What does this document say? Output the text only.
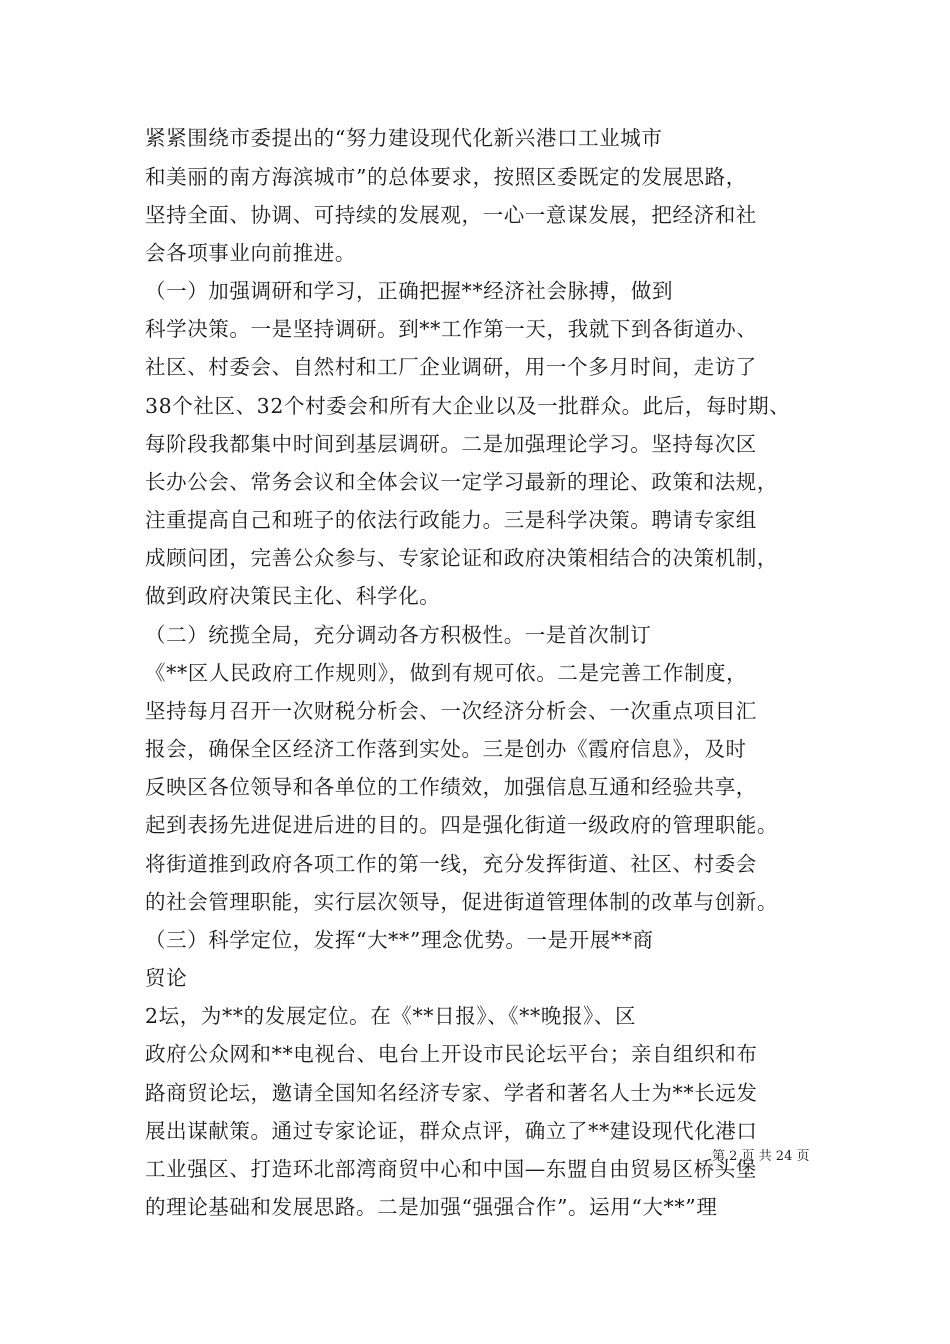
紧紧围绕市委提出的“努力建设现代化新兴港口工业城市
和美丽的南方海滨城市”的总体要求，按照区委既定的发展思路，
坚持全面、协调、可持续的发展观，一心一意谋发展，把经济和社
会各项事业向前推进。
（一）加强调研和学习，正确把握**经济社会脉搏，做到
科学决策。一是坚持调研。到**工作第一天，我就下到各街道办、
社区、村委会、自然村和工厂企业调研，用一个多月时间，走访了
38个社区、32个村委会和所有大企业以及一批群众。此后，每时期、
每阶段我都集中时间到基层调研。二是加强理论学习。坚持每次区
长办公会、常务会议和全体会议一定学习最新的理论、政策和法规，
注重提高自己和班子的依法行政能力。三是科学决策。聘请专家组
成顾问团，完善公众参与、专家论证和政府决策相结合的决策机制，
做到政府决策民主化、科学化。
（二）统揽全局，充分调动各方积极性。一是首次制订
《**区人民政府工作规则》，做到有规可依。二是完善工作制度，
坚持每月召开一次财税分析会、一次经济分析会、一次重点项目汇
报会，确保全区经济工作落到实处。三是创办《霞府信息》，及时
反映区各位领导和各单位的工作绩效，加强信息互通和经验共享，
起到表扬先进促进后进的目的。四是强化街道一级政府的管理职能。
将街道推到政府各项工作的第一线，充分发挥街道、社区、村委会
的社会管理职能，实行层次领导，促进街道管理体制的改革与创新。
（三）科学定位，发挥“大**”理念优势。一是开展**商
贸论
2坛，为**的发展定位。在《**日报》、《**晚报》、区
政府公众网和**电视台、电台上开设市民论坛平台；亲自组织和布
路商贸论坛，邀请全国知名经济专家、学者和著名人士为**长远发
展出谋献策。通过专家论证，群众点评，确立了**建设现代化港口
工业强区、打造环北部湾商贸中心和中国—东盟自由贸易区桥头堡
的理论基础和发展思路。二是加强“强强合作”。运用“大**”理
第 2 页 共 24 页
